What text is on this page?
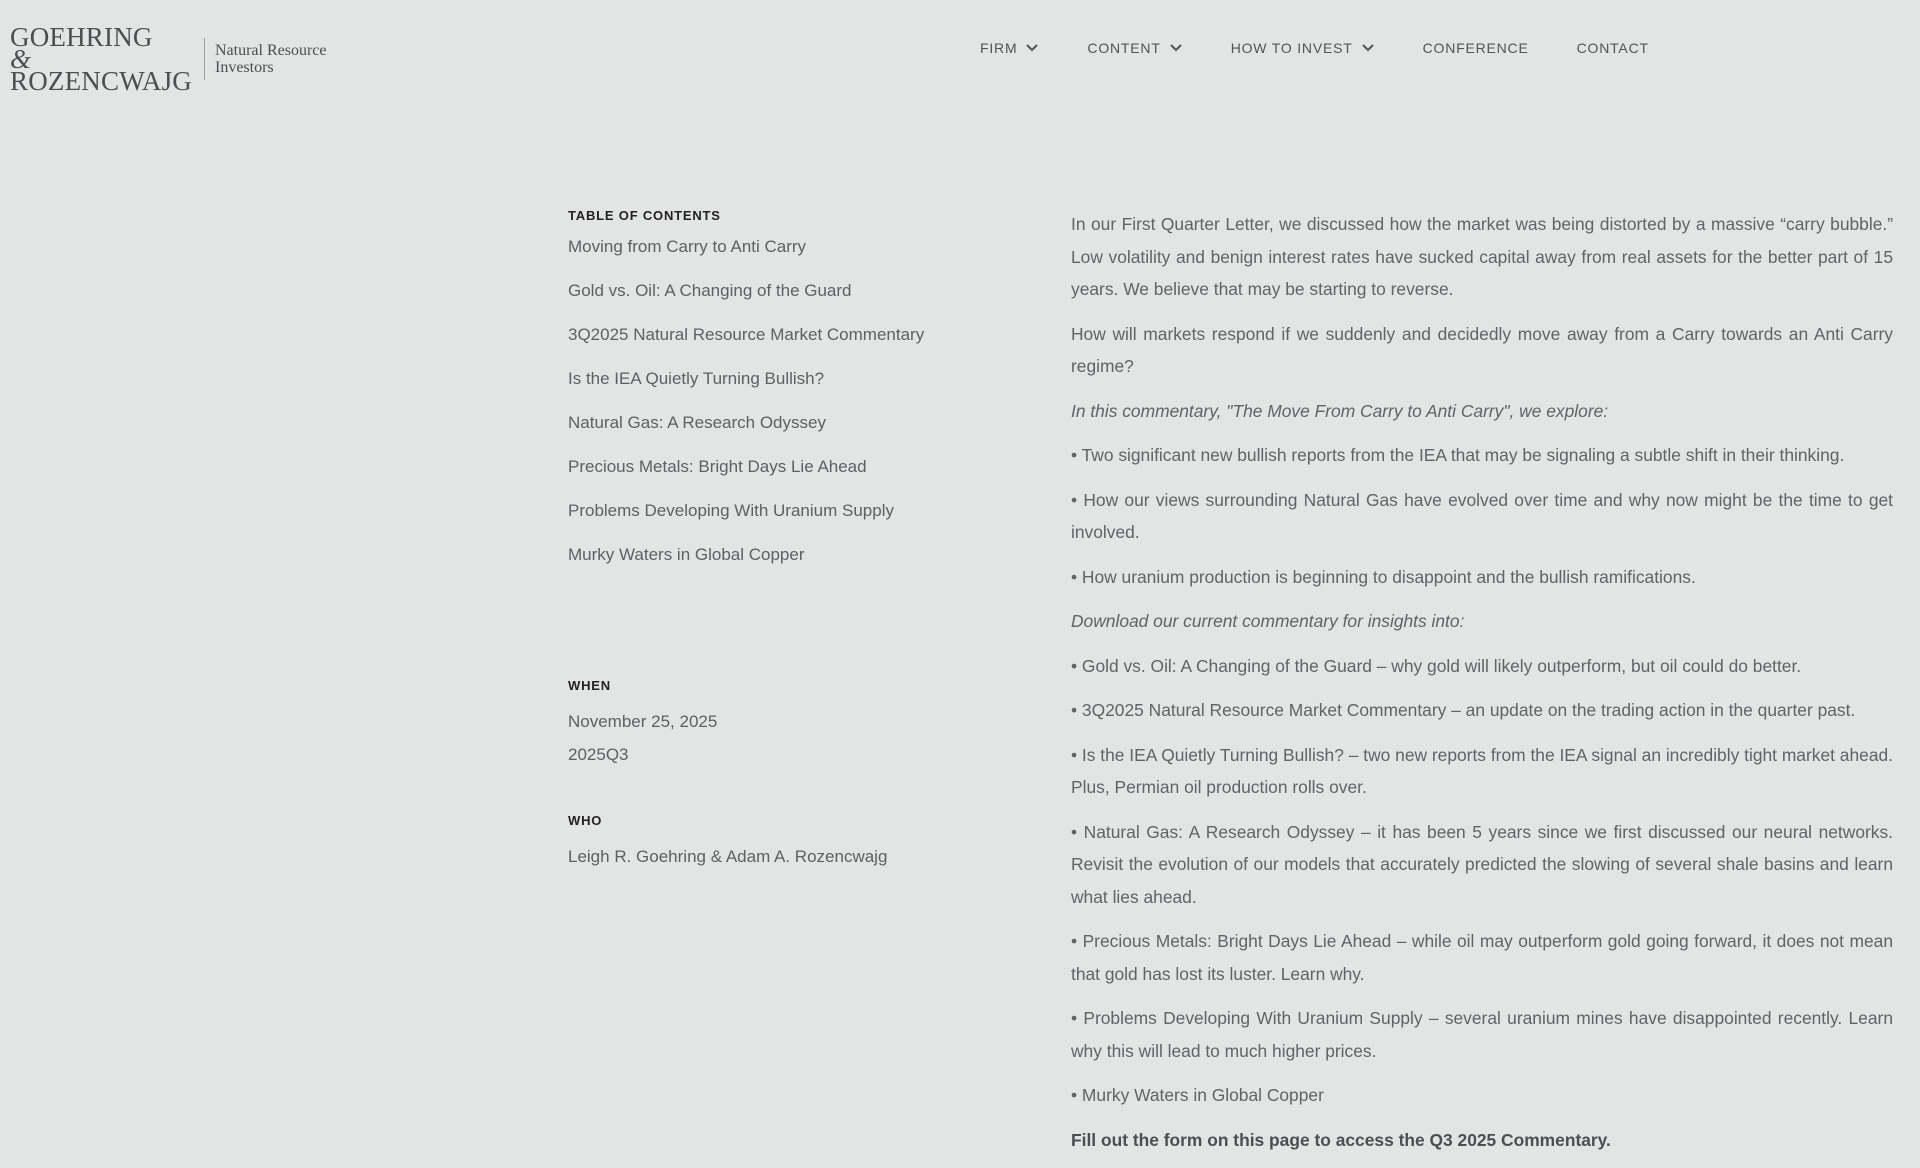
GOEHRING
&
ROZENCWAJG
Natural Resource
Investors
FIRM	CONTENT	HOW TO INVEST	CONFERENCE	CONTACT
TABLE OF CONTENTS
Moving from Carry to Anti Carry
Gold vs. Oil: A Changing of the Guard
3Q2025 Natural Resource Market Commentary
Is the IEA Quietly Turning Bullish?
Natural Gas: A Research Odyssey
Precious Metals: Bright Days Lie Ahead
Problems Developing With Uranium Supply
Murky Waters in Global Copper
WHEN
November 25, 2025
2025Q3
WHO
Leigh R. Goehring & Adam A. Rozencwajg

In our First Quarter Letter, we discussed how the market was being distorted by a massive “carry bubble.” Low volatility and benign interest rates have sucked capital away from real assets for the better part of 15 years. We believe that may be starting to reverse.

How will markets respond if we suddenly and decidedly move away from a Carry towards an Anti Carry regime?

In this commentary, "The Move From Carry to Anti Carry", we explore:

• Two significant new bullish reports from the IEA that may be signaling a subtle shift in their thinking.

• How our views surrounding Natural Gas have evolved over time and why now might be the time to get involved.

• How uranium production is beginning to disappoint and the bullish ramifications.

Download our current commentary for insights into:

• Gold vs. Oil: A Changing of the Guard – why gold will likely outperform, but oil could do better.

• 3Q2025 Natural Resource Market Commentary – an update on the trading action in the quarter past.

• Is the IEA Quietly Turning Bullish? – two new reports from the IEA signal an incredibly tight market ahead. Plus, Permian oil production rolls over.

• Natural Gas: A Research Odyssey – it has been 5 years since we first discussed our neural networks. Revisit the evolution of our models that accurately predicted the slowing of several shale basins and learn what lies ahead.

• Precious Metals: Bright Days Lie Ahead – while oil may outperform gold going forward, it does not mean that gold has lost its luster. Learn why.

• Problems Developing With Uranium Supply – several uranium mines have disappointed recently. Learn why this will lead to much higher prices.

• Murky Waters in Global Copper

Fill out the form on this page to access the Q3 2025 Commentary.
